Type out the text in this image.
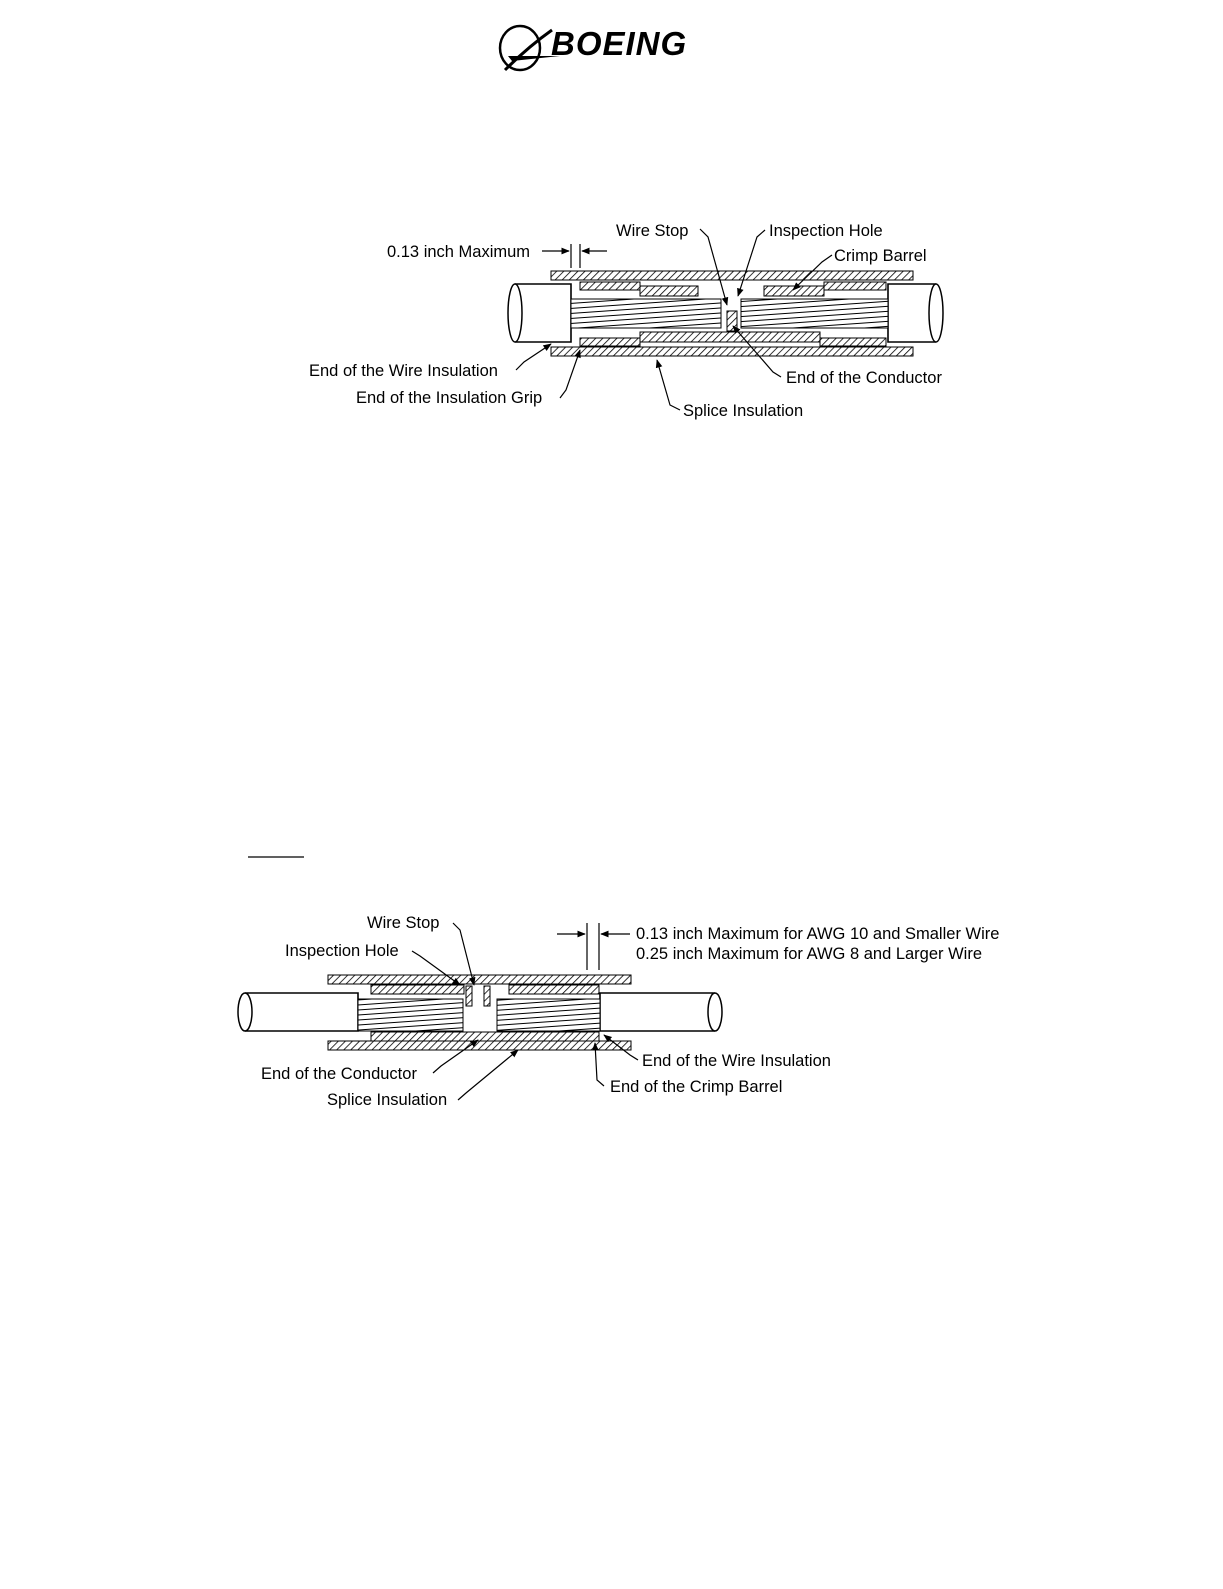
BOEING
0.13 inch Maximum
Wire Stop	Inspection Hole
Crimp Barrel
End of the Wire Insulation
End of the Insulation Grip
End of the Conductor
Splice Insulation
Wire Stop
Inspection Hole
0.13 inch Maximum for AWG 10 and Smaller Wire
0.25 inch Maximum for AWG 8 and Larger Wire
End of the Conductor
Splice Insulation
End of the Wire Insulation
End of the Crimp Barrel
